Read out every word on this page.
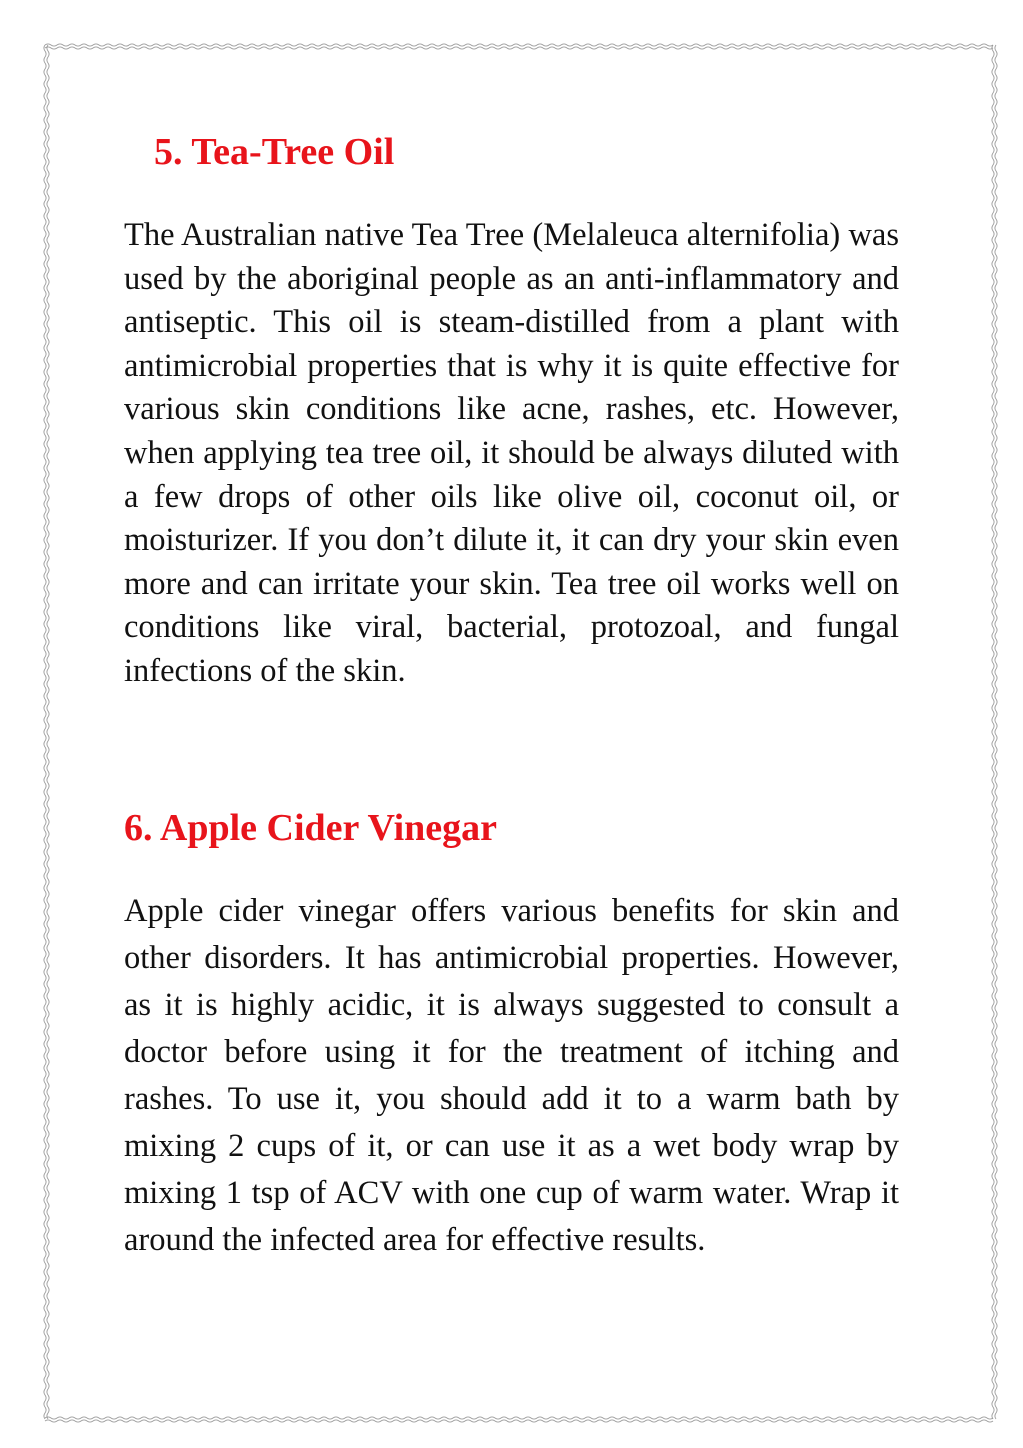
5. Tea-Tree Oil

The Australian native Tea Tree (Melaleuca alternifolia) was used by the aboriginal people as an anti-inflammatory and antiseptic. This oil is steam-distilled from a plant with antimicrobial properties that is why it is quite effective for various skin conditions like acne, rashes, etc. However, when applying tea tree oil, it should be always diluted with a few drops of other oils like olive oil, coconut oil, or moisturizer. If you don’t dilute it, it can dry your skin even more and can irritate your skin. Tea tree oil works well on conditions like viral, bacterial, protozoal, and fungal infections of the skin.

6. Apple Cider Vinegar

Apple cider vinegar offers various benefits for skin and other disorders. It has antimicrobial properties. However, as it is highly acidic, it is always suggested to consult a doctor before using it for the treatment of itching and rashes. To use it, you should add it to a warm bath by mixing 2 cups of it, or can use it as a wet body wrap by mixing 1 tsp of ACV with one cup of warm water. Wrap it around the infected area for effective results.
